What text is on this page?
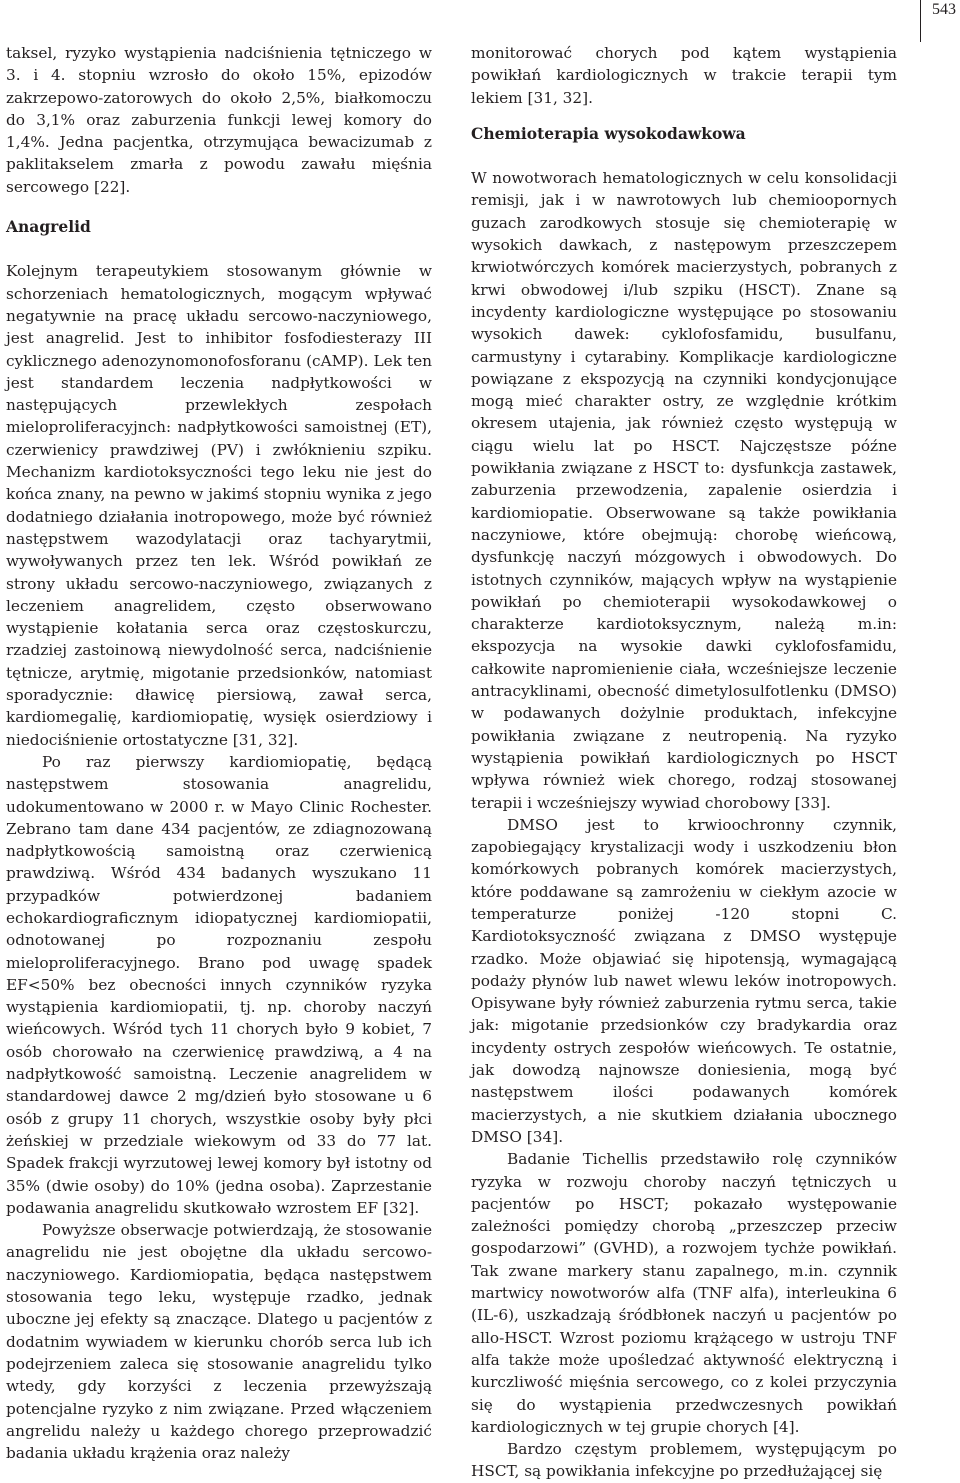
543

taksel, ryzyko wystąpienia nadciśnienia tętniczego w 3. i 4. stopniu wzrosło do około 15%, epizodów zakrzepowo-zatorowych do około 2,5%, białkomoczu do 3,1% oraz zaburzenia funkcji lewej komory do 1,4%. Jedna pacjentka, otrzymująca bewacizumab z paklitakselem zmarła z powodu zawału mięśnia sercowego [22].

Anagrelid

Kolejnym terapeutykiem stosowanym głównie w schorzeniach hematologicznych, mogącym wpływać negatywnie na pracę układu sercowo-naczyniowego, jest anagrelid. Jest to inhibitor fosfodiesterazy III cyklicznego adenozynomonofosforanu (cAMP). Lek ten jest standardem leczenia nadpłytkowości w następujących przewlekłych zespołach mieloproliferacyjnch: nadpłytkowości samoistnej (ET), czerwienicy prawdziwej (PV) i zwłóknieniu szpiku. Mechanizm kardiotoksyczności tego leku nie jest do końca znany, na pewno w jakimś stopniu wynika z jego dodatniego działania inotropowego, może być również następstwem wazodylatacji oraz tachyarytmii, wywoływanych przez ten lek. Wśród powikłań ze strony układu sercowo-naczyniowego, związanych z leczeniem anagrelidem, często obserwowano wystąpienie kołatania serca oraz częstoskurczu, rzadziej zastoinową niewydolność serca, nadciśnienie tętnicze, arytmię, migotanie przedsionków, natomiast sporadycznie: dławicę piersiową, zawał serca, kardiomegalię, kardiomiopatię, wysięk osierdziowy i niedociśnienie ortostatyczne [31, 32].

Po raz pierwszy kardiomiopatię, będącą następstwem stosowania anagrelidu, udokumentowano w 2000 r. w Mayo Clinic Rochester. Zebrano tam dane 434 pacjentów, ze zdiagnozowaną nadpłytkowością samoistną oraz czerwienicą prawdziwą. Wśród 434 badanych wyszukano 11 przypadków potwierdzonej badaniem echokardiograficznym idiopatycznej kardiomiopatii, odnotowanej po rozpoznaniu zespołu mieloproliferacyjnego. Brano pod uwagę spadek EF<50% bez obecności innych czynników ryzyka wystąpienia kardiomiopatii, tj. np. choroby naczyń wieńcowych. Wśród tych 11 chorych było 9 kobiet, 7 osób chorowało na czerwienicę prawdziwą, a 4 na nadpłytkowość samoistną. Leczenie anagrelidem w standardowej dawce 2 mg/dzień było stosowane u 6 osób z grupy 11 chorych, wszystkie osoby były płci żeńskiej w przedziale wiekowym od 33 do 77 lat. Spadek frakcji wyrzutowej lewej komory był istotny od 35% (dwie osoby) do 10% (jedna osoba). Zaprzestanie podawania anagrelidu skutkowało wzrostem EF [32].

Powyższe obserwacje potwierdzają, że stosowanie anagrelidu nie jest obojętne dla układu sercowo-naczyniowego. Kardiomiopatia, będąca następstwem stosowania tego leku, występuje rzadko, jednak uboczne jej efekty są znaczące. Dlatego u pacjentów z dodatnim wywiadem w kierunku chorób serca lub ich podejrzeniem zaleca się stosowanie anagrelidu tylko wtedy, gdy korzyści z leczenia przewyższają potencjalne ryzyko z nim związane. Przed włączeniem angrelidu należy u każdego chorego przeprowadzić badania układu krążenia oraz należy

monitorować chorych pod kątem wystąpienia powikłań kardiologicznych w trakcie terapii tym lekiem [31, 32].

Chemioterapia wysokodawkowa

W nowotworach hematologicznych w celu konsolidacji remisji, jak i w nawrotowych lub chemioopornych guzach zarodkowych stosuje się chemioterapię w wysokich dawkach, z następowym przeszczepem krwiotwórczych komórek macierzystych, pobranych z krwi obwodowej i/lub szpiku (HSCT). Znane są incydenty kardiologiczne występujące po stosowaniu wysokich dawek: cyklofosfamidu, busulfanu, carmustyny i cytarabiny. Komplikacje kardiologiczne powiązane z ekspozycją na czynniki kondycjonujące mogą mieć charakter ostry, ze względnie krótkim okresem utajenia, jak również często występują w ciągu wielu lat po HSCT. Najczęstsze późne powikłania związane z HSCT to: dysfunkcja zastawek, zaburzenia przewodzenia, zapalenie osierdzia i kardiomiopatie. Obserwowane są także powikłania naczyniowe, które obejmują: chorobę wieńcową, dysfunkcję naczyń mózgowych i obwodowych. Do istotnych czynników, mających wpływ na wystąpienie powikłań po chemioterapii wysokodawkowej o charakterze kardiotoksycznym, należą m.in: ekspozycja na wysokie dawki cyklofosfamidu, całkowite napromienienie ciała, wcześniejsze leczenie antracyklinami, obecność dimetylosulfotlenku (DMSO) w podawanych dożylnie produktach, infekcyjne powikłania związane z neutropenią. Na ryzyko wystąpienia powikłań kardiologicznych po HSCT wpływa również wiek chorego, rodzaj stosowanej terapii i wcześniejszy wywiad chorobowy [33].

DMSO jest to krwioochronny czynnik, zapobiegający krystalizacji wody i uszkodzeniu błon komórkowych pobranych komórek macierzystych, które poddawane są zamrożeniu w ciekłym azocie w temperaturze poniżej -120 stopni C. Kardiotoksyczność związana z DMSO występuje rzadko. Może objawiać się hipotensją, wymagającą podaży płynów lub nawet wlewu leków inotropowych. Opisywane były również zaburzenia rytmu serca, takie jak: migotanie przedsionków czy bradykardia oraz incydenty ostrych zespołów wieńcowych. Te ostatnie, jak dowodzą najnowsze doniesienia, mogą być następstwem ilości podawanych komórek macierzystych, a nie skutkiem działania ubocznego DMSO [34].

Badanie Tichellis przedstawiło rolę czynników ryzyka w rozwoju choroby naczyń tętniczych u pacjentów po HSCT; pokazało występowanie zależności pomiędzy chorobą „przeszczep przeciw gospodarzowi” (GVHD), a rozwojem tychże powikłań. Tak zwane markery stanu zapalnego, m.in. czynnik martwicy nowotworów alfa (TNF alfa), interleukina 6 (IL-6), uszkadzają śródbłonek naczyń u pacjentów po allo-HSCT. Wzrost poziomu krążącego w ustroju TNF alfa także może upośledzać aktywność elektryczną i kurczliwość mięśnia sercowego, co z kolei przyczynia się do wystąpienia przedwczesnych powikłań kardiologicznych w tej grupie chorych [4].

Bardzo częstym problemem, występującym po HSCT, są powikłania infekcyjne po przedłużającej się
